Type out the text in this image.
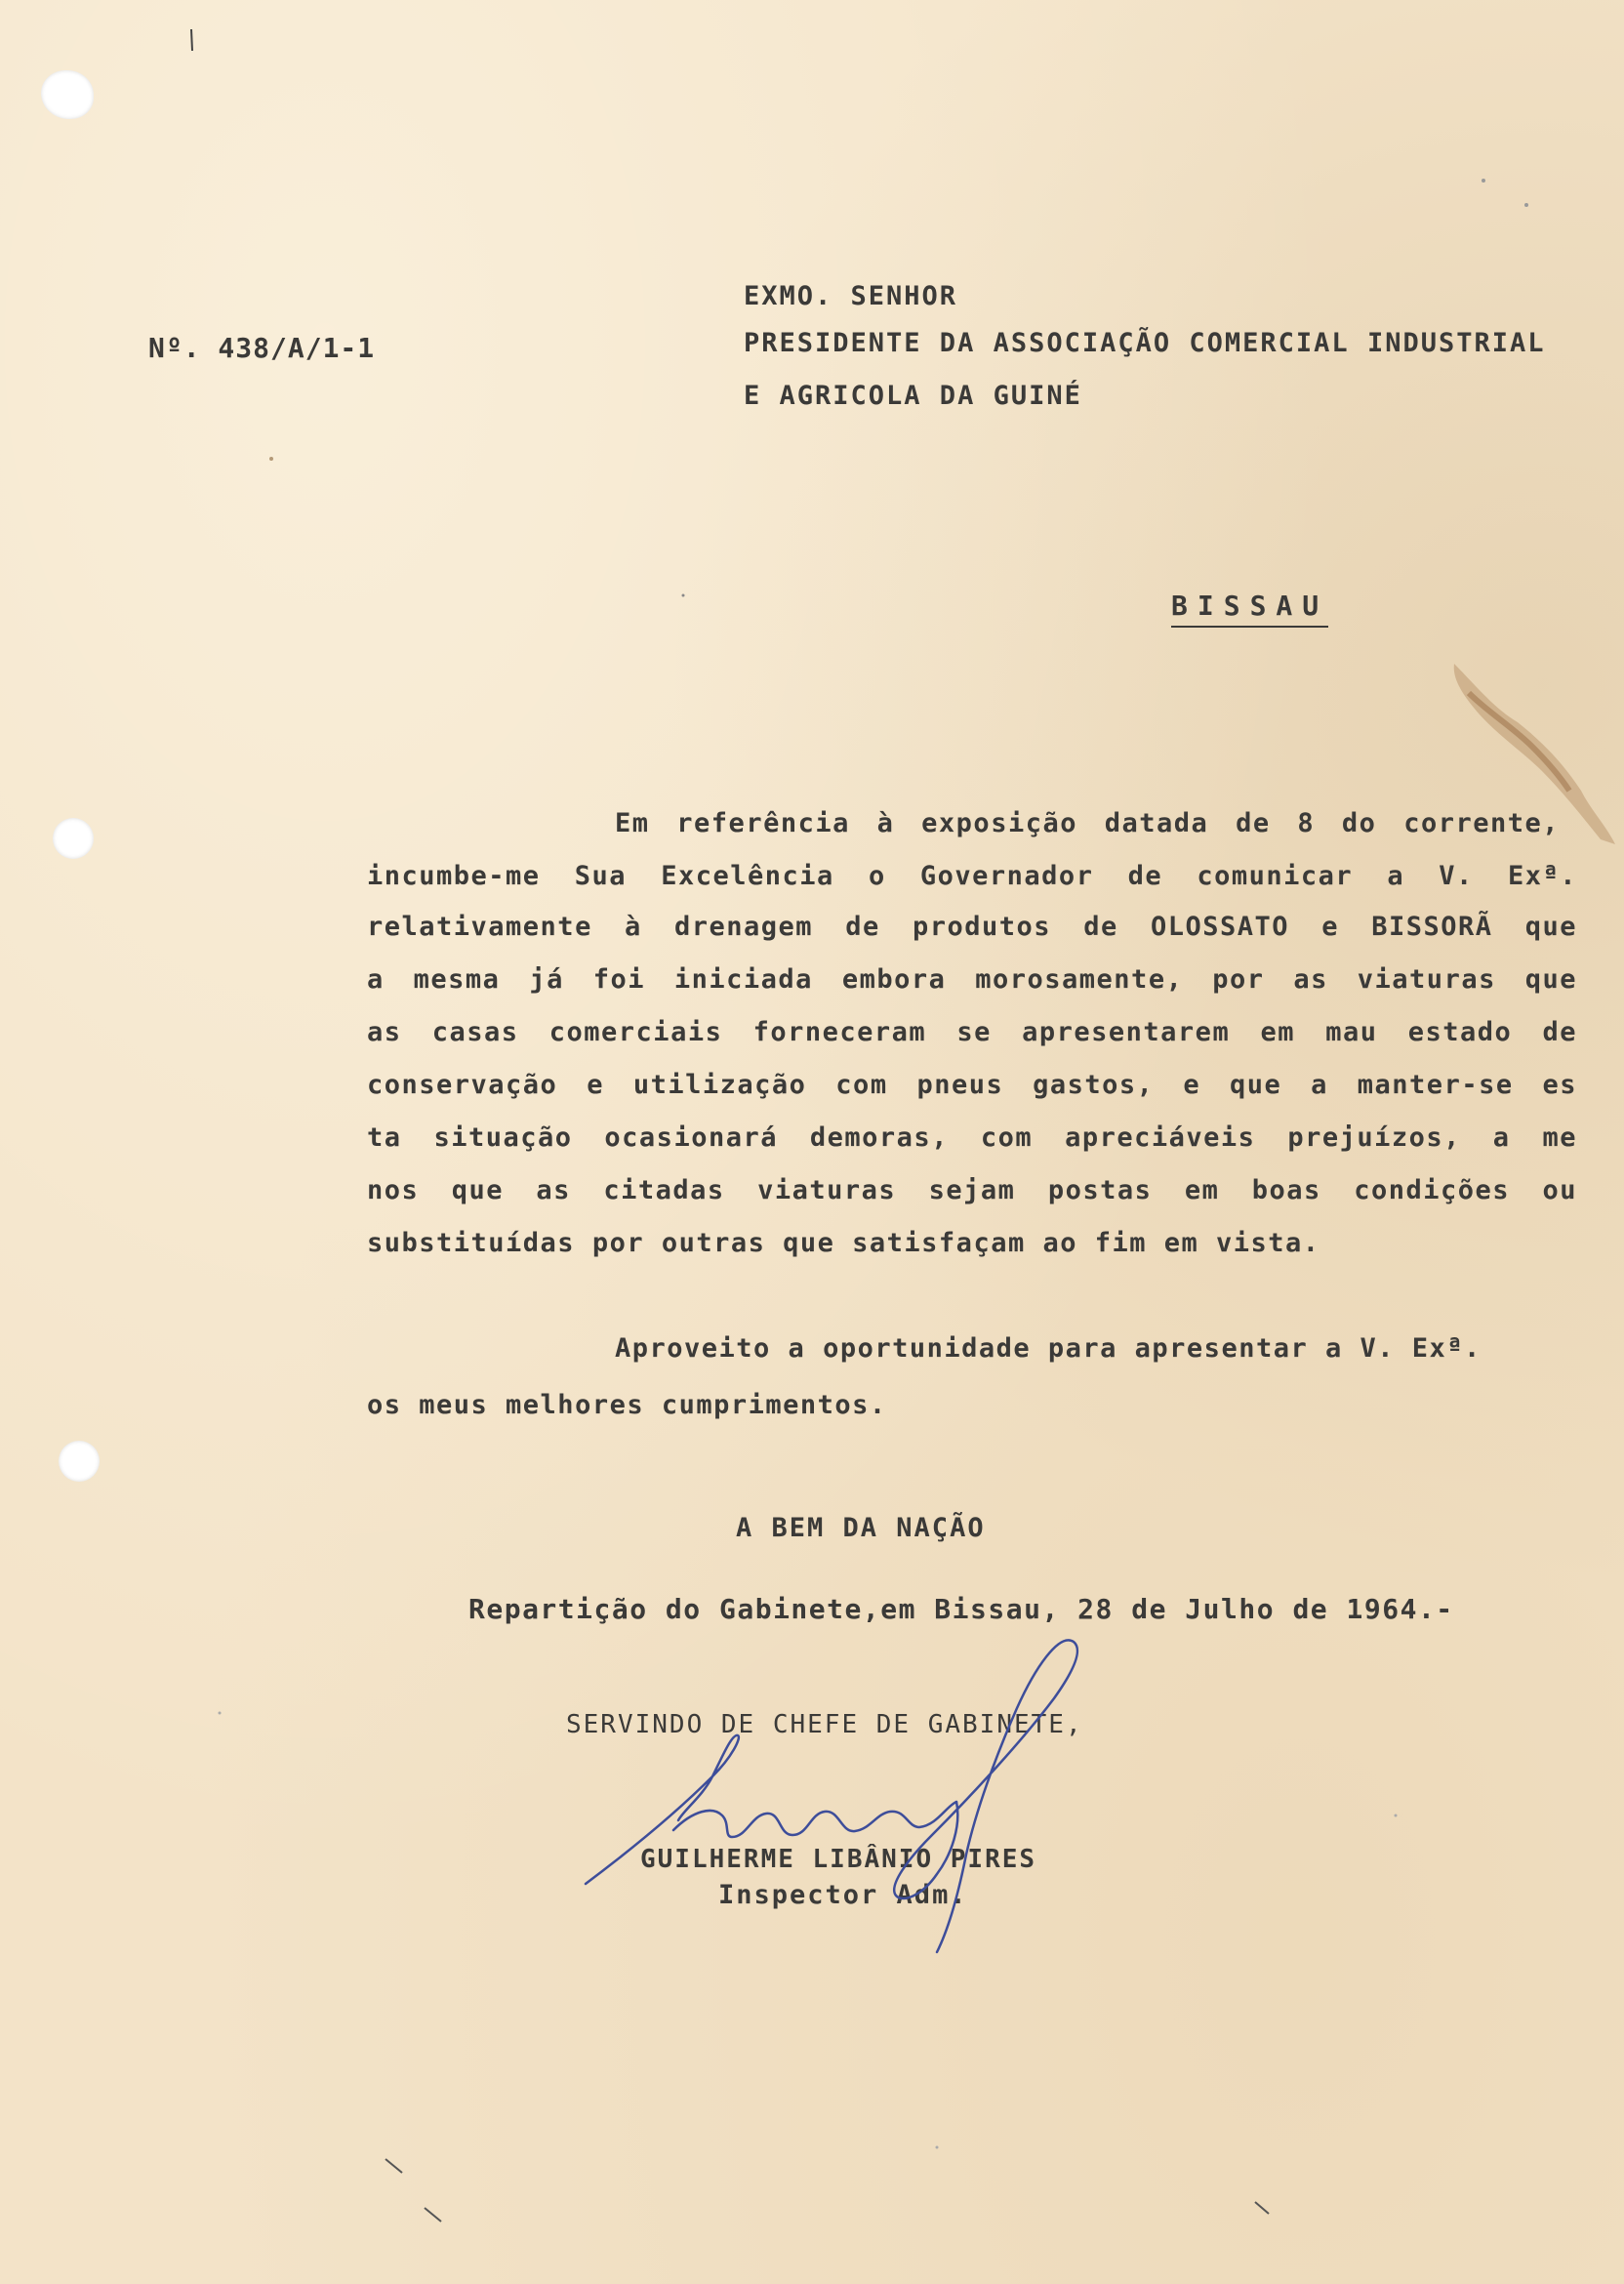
Nº. 438/A/1-1
EXMO. SENHOR
PRESIDENTE DA ASSOCIAÇÃO COMERCIAL INDUSTRIAL
E AGRICOLA DA GUINÉ
BISSAU
Em referência à exposição datada de 8 do corrente,
incumbe-me Sua Excelência o Governador de comunicar a V. Exª.
relativamente à drenagem de produtos de OLOSSATO e BISSORÃ que
a mesma já foi iniciada embora morosamente, por as viaturas que
as casas comerciais forneceram se apresentarem em mau estado de
conservação e utilização com pneus gastos, e que a manter-se es
ta situação ocasionará demoras, com apreciáveis prejuízos, a me
nos que as citadas viaturas sejam postas em boas condições ou
substituídas por outras que satisfaçam ao fim em vista.
Aproveito a oportunidade para apresentar a V. Exª.
os meus melhores cumprimentos.
A BEM DA NAÇÃO
Repartição do Gabinete,em Bissau, 28 de Julho de 1964.-
SERVINDO DE CHEFE DE GABINETE,
GUILHERME LIBÂNIO PIRES
Inspector Adm.
